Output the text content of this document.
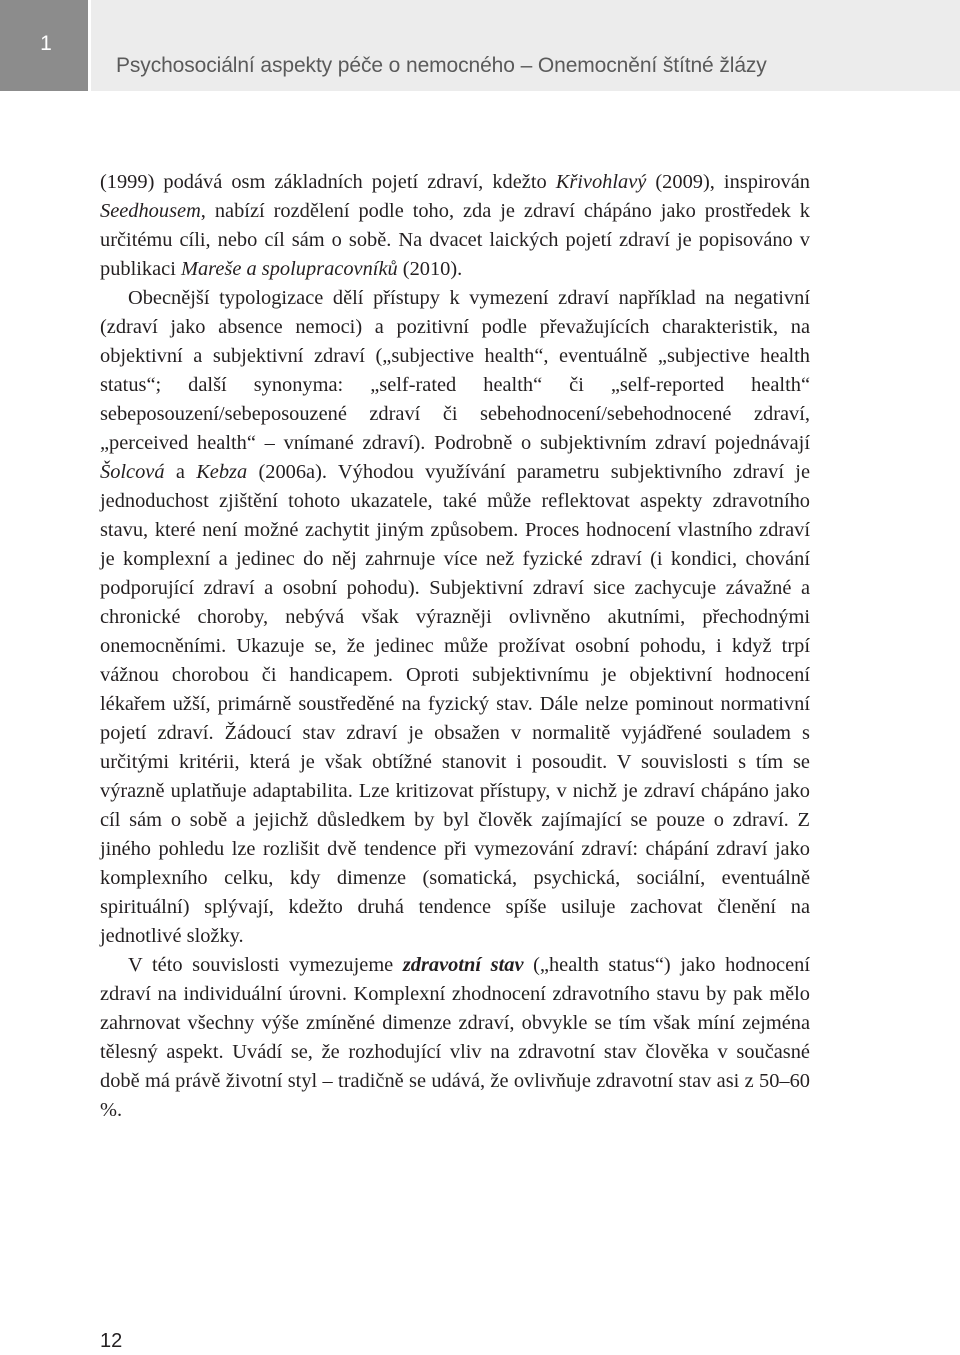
1
Psychosociální aspekty péče o nemocného – Onemocnění štítné žlázy

(1999) podává osm základních pojetí zdraví, kdežto Křivohlavý (2009), inspirován Seedhousem, nabízí rozdělení podle toho, zda je zdraví chápáno jako prostředek k určitému cíli, nebo cíl sám o sobě. Na dvacet laických pojetí zdraví je popisováno v publikaci Mareše a spolupracovníků (2010).

Obecnější typologizace dělí přístupy k vymezení zdraví například na negativní (zdraví jako absence nemoci) a pozitivní podle převažujících charakteristik, na objektivní a subjektivní zdraví („subjective health“, eventuálně „subjective health status“; další synonyma: „self-rated health“ či „self-reported health“ sebeposouzení/sebeposouzené zdraví či sebehodnocení/sebehodnocené zdraví, „perceived health“ – vnímané zdraví). Podrobně o subjektivním zdraví pojednávají Šolcová a Kebza (2006a). Výhodou využívání parametru subjektivního zdraví je jednoduchost zjištění tohoto ukazatele, také může reflektovat aspekty zdravotního stavu, které není možné zachytit jiným způsobem. Proces hodnocení vlastního zdraví je komplexní a jedinec do něj zahrnuje více než fyzické zdraví (i kondici, chování podporující zdraví a osobní pohodu). Subjektivní zdraví sice zachycuje závažné a chronické choroby, nebývá však výrazněji ovlivněno akutními, přechodnými onemocněními. Ukazuje se, že jedinec může prožívat osobní pohodu, i když trpí vážnou chorobou či handicapem. Oproti subjektivnímu je objektivní hodnocení lékařem užší, primárně soustředěné na fyzický stav. Dále nelze pominout normativní pojetí zdraví. Žádoucí stav zdraví je obsažen v normalitě vyjádřené souladem s určitými kritérii, která je však obtížné stanovit i posoudit. V souvislosti s tím se výrazně uplatňuje adaptabilita. Lze kritizovat přístupy, v nichž je zdraví chápáno jako cíl sám o sobě a jejichž důsledkem by byl člověk zajímající se pouze o zdraví. Z jiného pohledu lze rozlišit dvě tendence při vymezování zdraví: chápání zdraví jako komplexního celku, kdy dimenze (somatická, psychická, sociální, eventuálně spirituální) splývají, kdežto druhá tendence spíše usiluje zachovat členění na jednotlivé složky.

V této souvislosti vymezujeme zdravotní stav („health status“) jako hodnocení zdraví na individuální úrovni. Komplexní zhodnocení zdravotního stavu by pak mělo zahrnovat všechny výše zmíněné dimenze zdraví, obvykle se tím však míní zejména tělesný aspekt. Uvádí se, že rozhodující vliv na zdravotní stav člověka v současné době má právě životní styl – tradičně se udává, že ovlivňuje zdravotní stav asi z 50–60 %.

12
